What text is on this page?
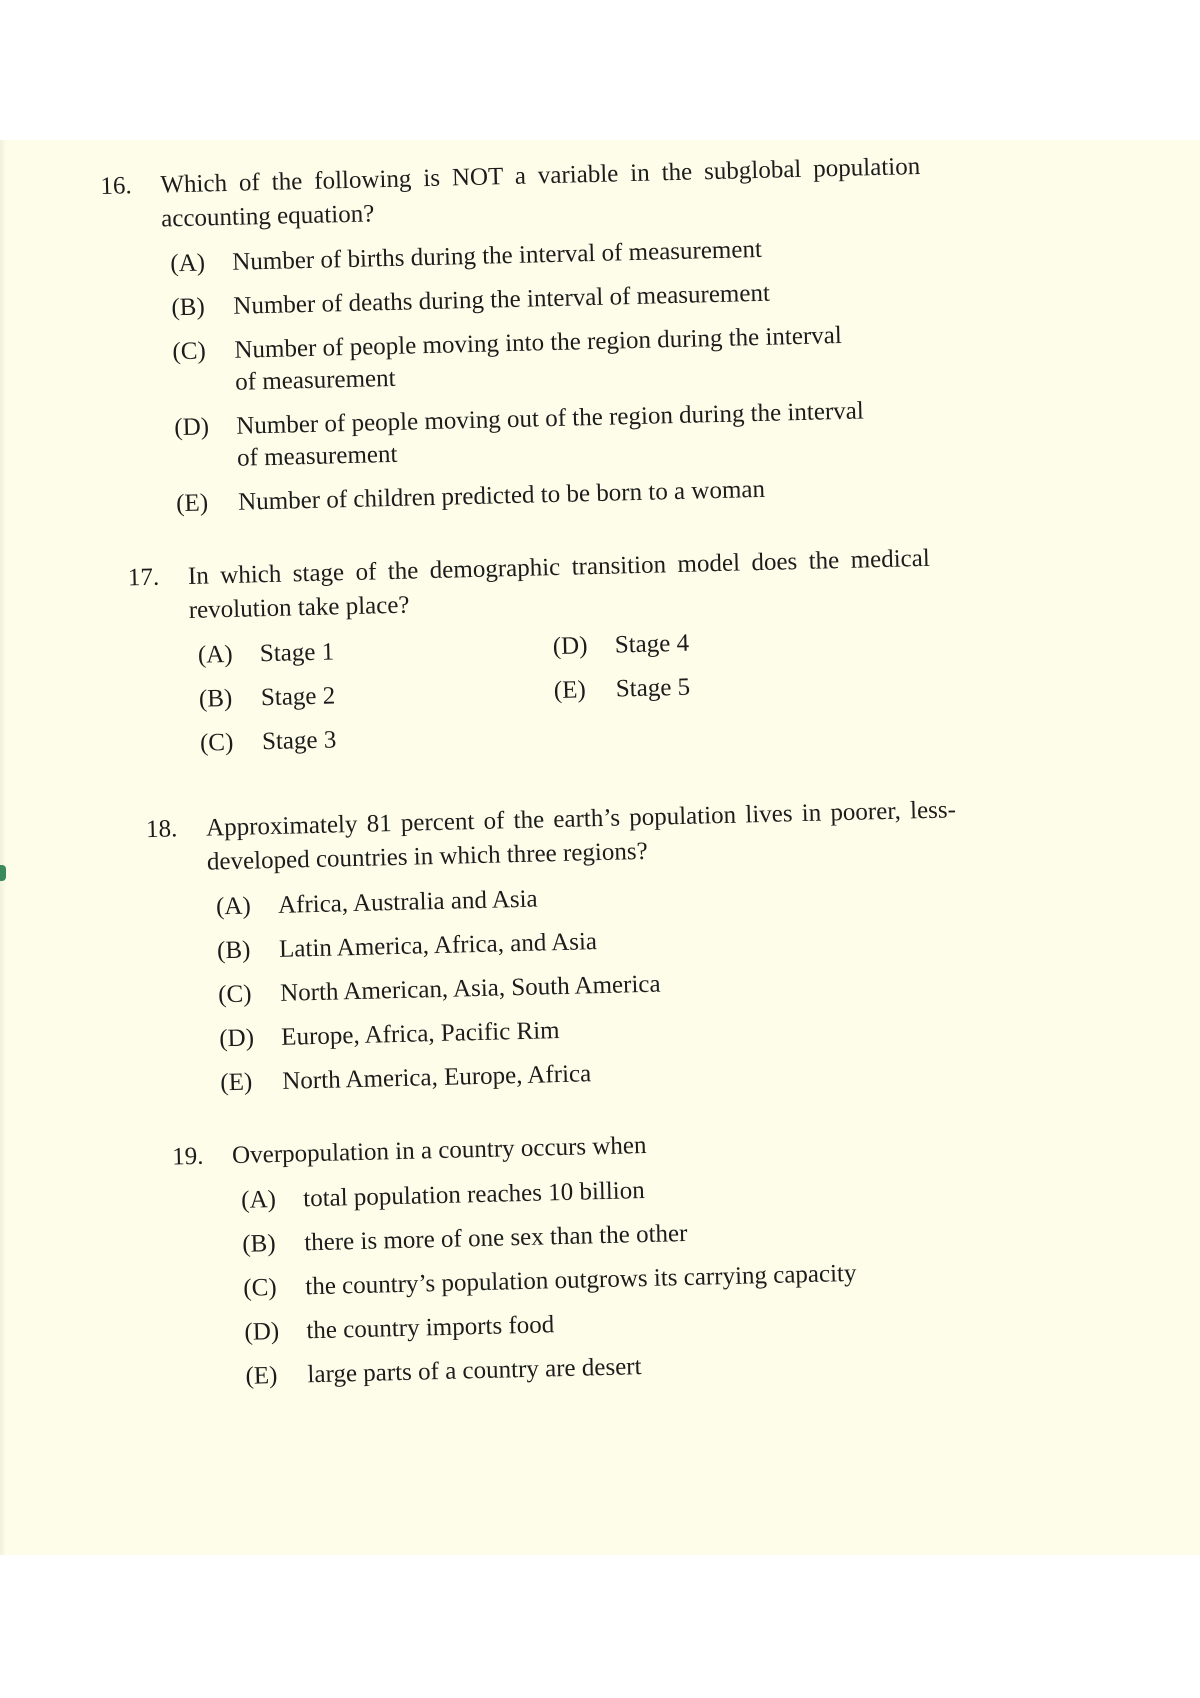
16.	Which of the following is NOT a variable in the subglobal population accounting equation?
(A)	Number of births during the interval of measurement
(B)	Number of deaths during the interval of measurement
(C)	Number of people moving into the region during the interval of measurement
(D)	Number of people moving out of the region during the interval of measurement
(E)	Number of children predicted to be born to a woman
17.	In which stage of the demographic transition model does the medical revolution take place?
(A)	Stage 1
(B)	Stage 2
(C)	Stage 3
(D)	Stage 4
(E)	Stage 5
18.	Approximately 81 percent of the earth’s population lives in poorer, less-developed countries in which three regions?
(A)	Africa, Australia and Asia
(B)	Latin America, Africa, and Asia
(C)	North American, Asia, South America
(D)	Europe, Africa, Pacific Rim
(E)	North America, Europe, Africa
19.	Overpopulation in a country occurs when
(A)	total population reaches 10 billion
(B)	there is more of one sex than the other
(C)	the country’s population outgrows its carrying capacity
(D)	the country imports food
(E)	large parts of a country are desert
